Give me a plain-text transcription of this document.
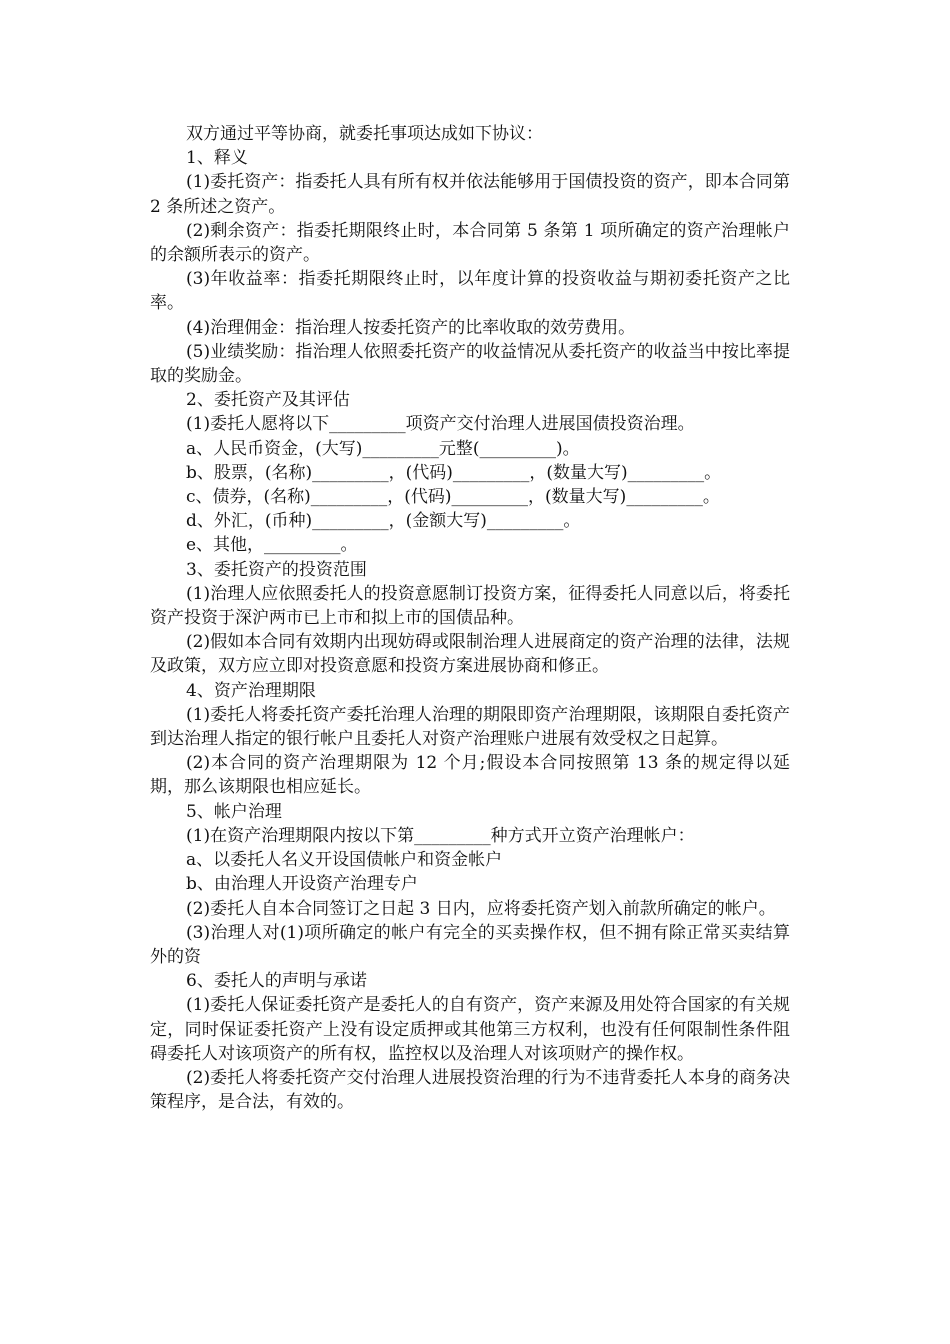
双方通过平等协商，就委托事项达成如下协议：

1、释义

(1)委托资产：指委托人具有所有权并依法能够用于国债投资的资产，即本合同第 2 条所述之资产。

(2)剩余资产：指委托期限终止时，本合同第 5 条第 1 项所确定的资产治理帐户的余额所表示的资产。

(3)年收益率：指委托期限终止时，以年度计算的投资收益与期初委托资产之比率。

(4)治理佣金：指治理人按委托资产的比率收取的效劳费用。

(5)业绩奖励：指治理人依照委托资产的收益情况从委托资产的收益当中按比率提取的奖励金。

2、委托资产及其评估

(1)委托人愿将以下_________项资产交付治理人进展国债投资治理。

a、人民币资金，(大写)_________元整(_________)。

b、股票，(名称)_________，(代码)_________，(数量大写)_________。

c、债券，(名称)_________，(代码)_________，(数量大写)_________。

d、外汇，(币种)_________，(金额大写)_________。

e、其他，_________。

3、委托资产的投资范围

(1)治理人应依照委托人的投资意愿制订投资方案，征得委托人同意以后，将委托资产投资于深沪两市已上市和拟上市的国债品种。

(2)假如本合同有效期内出现妨碍或限制治理人进展商定的资产治理的法律，法规及政策，双方应立即对投资意愿和投资方案进展协商和修正。

4、资产治理期限

(1)委托人将委托资产委托治理人治理的期限即资产治理期限，该期限自委托资产到达治理人指定的银行帐户且委托人对资产治理账户进展有效受权之日起算。

(2)本合同的资产治理期限为 12 个月;假设本合同按照第 13 条的规定得以延期，那么该期限也相应延长。

5、帐户治理

(1)在资产治理期限内按以下第_________种方式开立资产治理帐户：

a、以委托人名义开设国债帐户和资金帐户

b、由治理人开设资产治理专户

(2)委托人自本合同签订之日起 3 日内，应将委托资产划入前款所确定的帐户。

(3)治理人对(1)项所确定的帐户有完全的买卖操作权，但不拥有除正常买卖结算外的资

6、委托人的声明与承诺

(1)委托人保证委托资产是委托人的自有资产，资产来源及用处符合国家的有关规定，同时保证委托资产上没有设定质押或其他第三方权利，也没有任何限制性条件阻碍委托人对该项资产的所有权，监控权以及治理人对该项财产的操作权。

(2)委托人将委托资产交付治理人进展投资治理的行为不违背委托人本身的商务决策程序，是合法，有效的。
